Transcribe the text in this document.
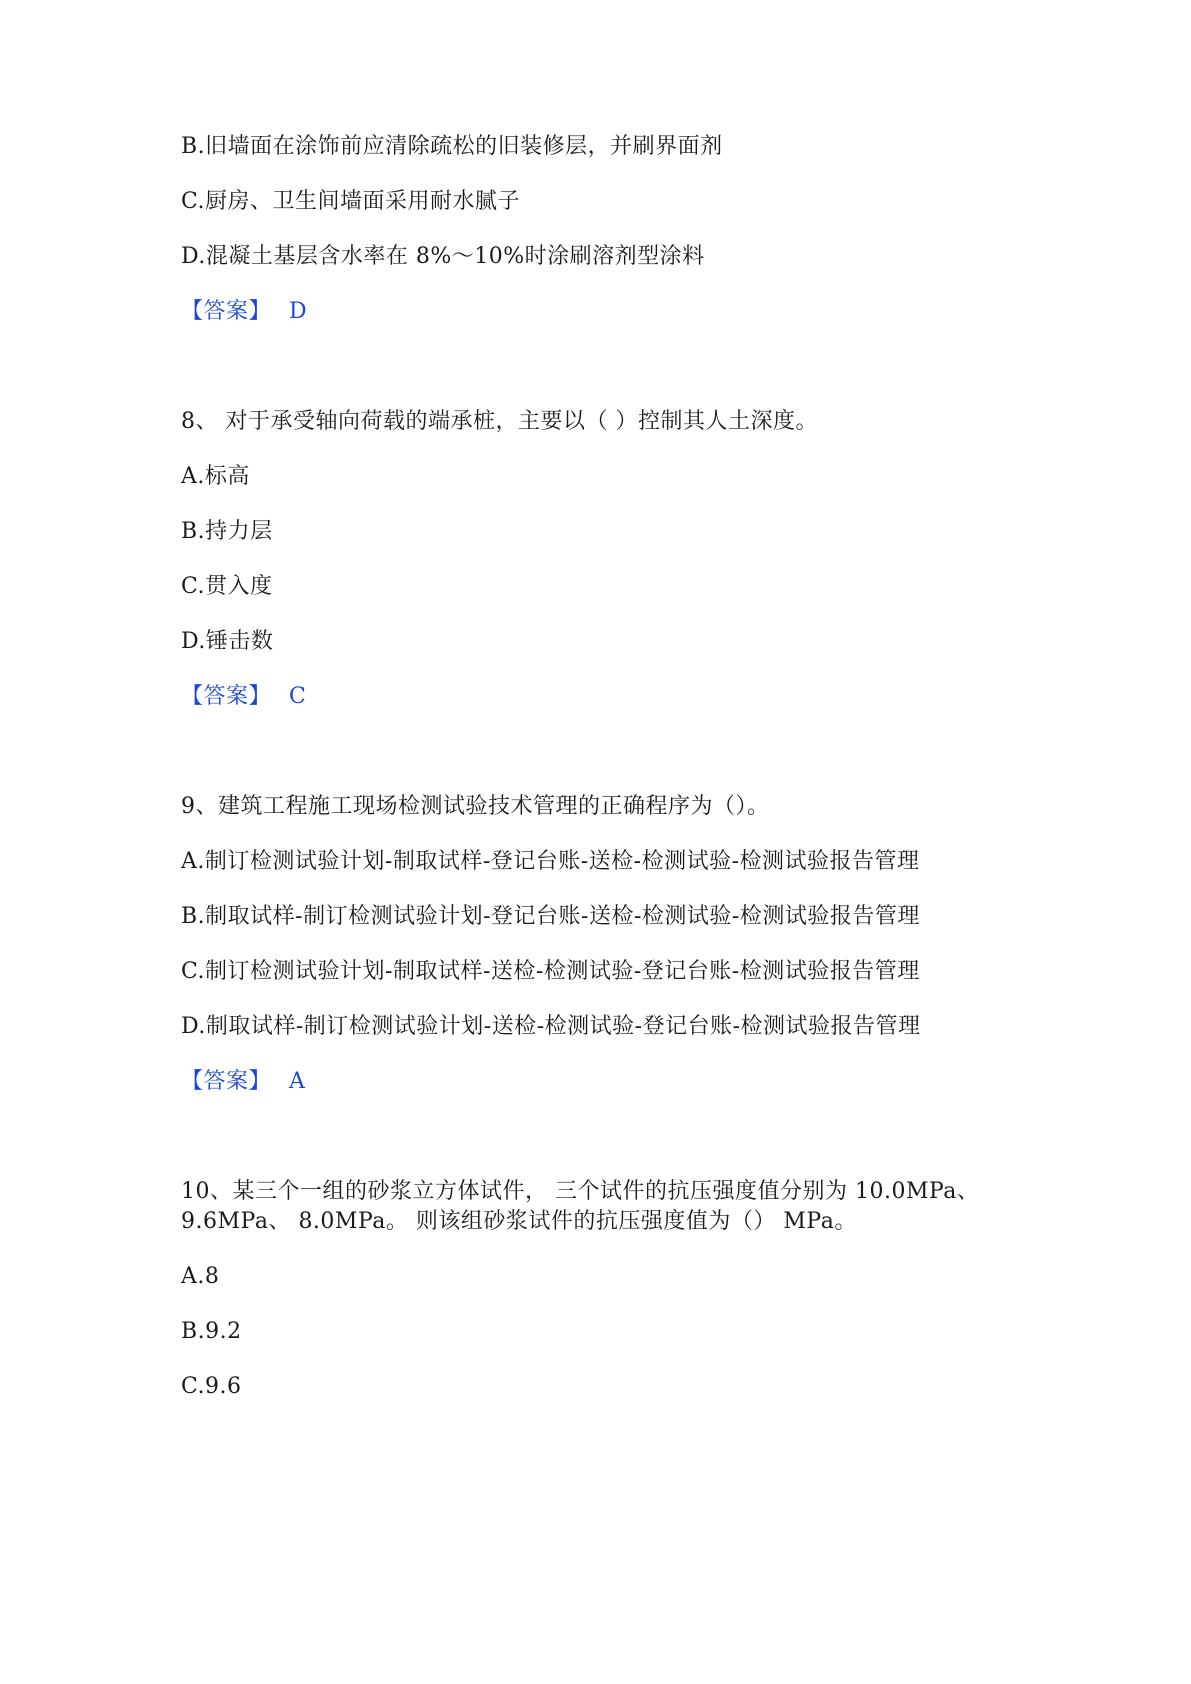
B.旧墙面在涂饰前应清除疏松的旧装修层，并刷界面剂
C.厨房、卫生间墙面采用耐水腻子
D.混凝土基层含水率在 8%～10%时涂刷溶剂型涂料
【答案】 D
8、 对于承受轴向荷载的端承桩，主要以（ ）控制其人土深度。
A.标高
B.持力层
C.贯入度
D.锤击数
【答案】 C
9、建筑工程施工现场检测试验技术管理的正确程序为（）。
A.制订检测试验计划-制取试样-登记台账-送检-检测试验-检测试验报告管理
B.制取试样-制订检测试验计划-登记台账-送检-检测试验-检测试验报告管理
C.制订检测试验计划-制取试样-送检-检测试验-登记台账-检测试验报告管理
D.制取试样-制订检测试验计划-送检-检测试验-登记台账-检测试验报告管理
【答案】 A
10、某三个一组的砂浆立方体试件， 三个试件的抗压强度值分别为 10.0MPa、
9.6MPa、 8.0MPa。 则该组砂浆试件的抗压强度值为（） MPa。
A.8
B.9.2
C.9.6
